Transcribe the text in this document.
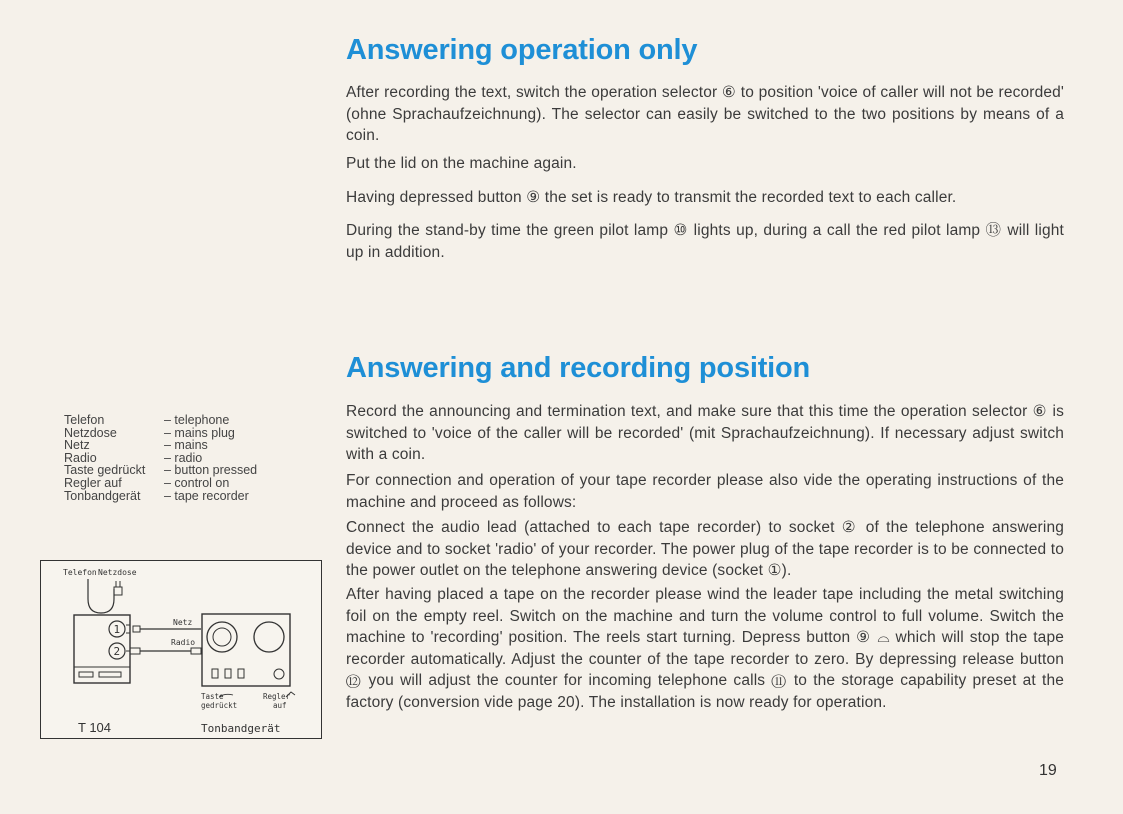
Answering operation only

After recording the text, switch the operation selector ⑥ to position 'voice of caller will not be recorded' (ohne Sprachaufzeichnung). The selector can easily be switched to the two positions by means of a coin.

Put the lid on the machine again.

Having depressed button ⑨ the set is ready to transmit the recorded text to each caller.

During the stand-by time the green pilot lamp ⑩ lights up, during a call the red pilot lamp ⑬ will light up in addition.

Answering and recording position

Record the announcing and termination text, and make sure that this time the operation selector ⑥ is switched to 'voice of the caller will be recorded' (mit Sprachaufzeichnung). If necessary adjust switch with a coin.

For connection and operation of your tape recorder please also vide the operating instructions of the machine and proceed as follows:

Connect the audio lead (attached to each tape recorder) to socket ② of the telephone answering device and to socket 'radio' of your recorder. The power plug of the tape recorder is to be connected to the power outlet on the telephone answering device (socket ①).

After having placed a tape on the recorder please wind the leader tape including the metal switching foil on the empty reel. Switch on the machine and turn the volume control to full volume. Switch the machine to 'recording' position. The reels start turning. Depress button ⑨ ⌓ which will stop the tape recorder automatically. Adjust the counter of the tape recorder to zero. By depressing release button ⑫ you will adjust the counter for incoming telephone calls ⑪ to the storage capability preset at the factory (conversion vide page 20). The installation is now ready for operation.

Telefon	– telephone
Netzdose	– mains plug
Netz	– mains
Radio	– radio
Taste gedrückt	– button pressed
Regler auf	– control on
Tonbandgerät	– tape recorder
Telefon Netzdose
1
2
Netz
Radio
Taste
gedrückt
Regler
auf
T 104	Tonbandgerät
19
